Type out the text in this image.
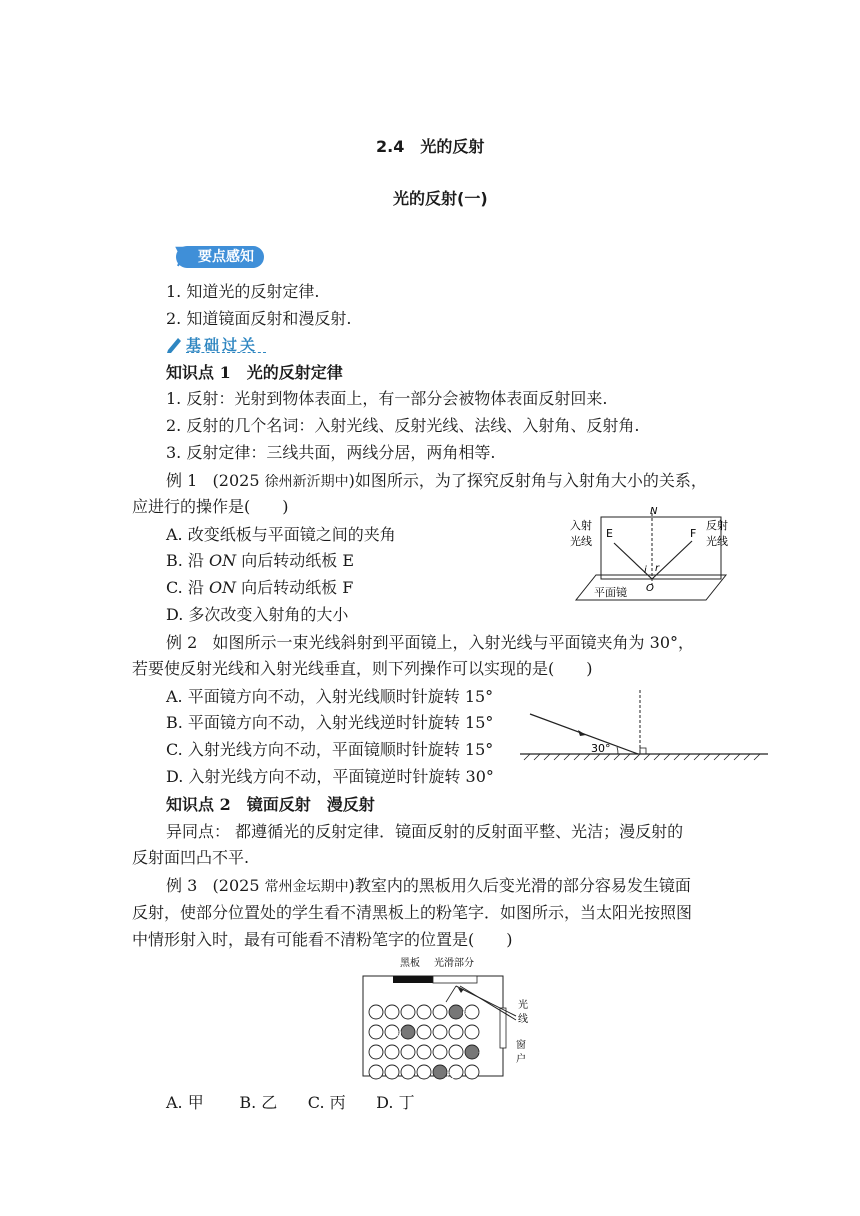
2.4　光的反射
光的反射(一)
要点感知
1. 知道光的反射定律.
2. 知道镜面反射和漫反射.
基础过关
知识点 1　光的反射定律
1. 反射：光射到物体表面上，有一部分会被物体表面反射回来.
2. 反射的几个名词：入射光线、反射光线、法线、入射角、反射角.
3. 反射定律：三线共面，两线分居，两角相等.
例 1 (2025 徐州新沂期中)如图所示，为了探究反射角与入射角大小的关系，
应进行的操作是(　　)
A. 改变纸板与平面镜之间的夹角
B. 沿 ON 向后转动纸板 E
C. 沿 ON 向后转动纸板 F
D. 多次改变入射角的大小
N
E	F
i r
O
平面镜
入射
光线
反射
光线
例 2 如图所示一束光线斜射到平面镜上，入射光线与平面镜夹角为 30°，
若要使反射光线和入射光线垂直，则下列操作可以实现的是(　　)
A. 平面镜方向不动，入射光线顺时针旋转 15°
B. 平面镜方向不动，入射光线逆时针旋转 15°
C. 入射光线方向不动，平面镜顺时针旋转 15°
D. 入射光线方向不动，平面镜逆时针旋转 30°
30°
知识点 2　镜面反射　漫反射
异同点： 都遵循光的反射定律．镜面反射的反射面平整、光洁；漫反射的
反射面凹凸不平.
例 3 (2025 常州金坛期中)教室内的黑板用久后变光滑的部分容易发生镜面
反射，使部分位置处的学生看不清黑板上的粉笔字．如图所示，当太阳光按照图
中情形射入时，最有可能看不清粉笔字的位置是(　　)
黑板 光滑部分
光
线
窗
户
丙
甲
丁
乙
A. 甲 B. 乙 C. 丙 D. 丁
